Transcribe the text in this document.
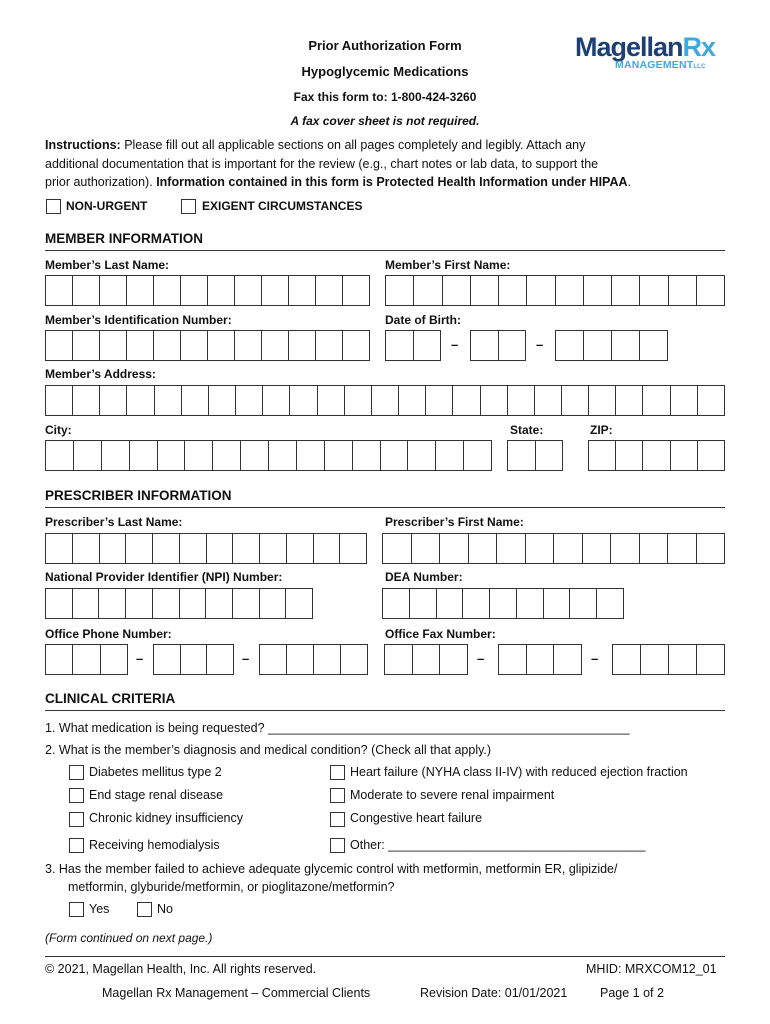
Prior Authorization Form
Hypoglycemic Medications
Fax this form to: 1-800-424-3260
A fax cover sheet is not required.
MagellanRx
MANAGEMENTLLC
Instructions: Please fill out all applicable sections on all pages completely and legibly. Attach any
additional documentation that is important for the review (e.g., chart notes or lab data, to support the
prior authorization). Information contained in this form is Protected Health Information under HIPAA.
NON-URGENT	EXIGENT CIRCUMSTANCES
MEMBER INFORMATION
Member’s Last Name:	Member’s First Name:
Member’s Identification Number:	Date of Birth:
–	–
Member’s Address:
City:	State:	ZIP:
PRESCRIBER INFORMATION
Prescriber’s Last Name:	Prescriber’s First Name:
National Provider Identifier (NPI) Number:	DEA Number:
Office Phone Number:	Office Fax Number:
–	–	–	–
CLINICAL CRITERIA
1. What medication is being requested? ____________________________________________________
2. What is the member’s diagnosis and medical condition? (Check all that apply.)
Diabetes mellitus type 2
End stage renal disease
Chronic kidney insufficiency
Receiving hemodialysis
Heart failure (NYHA class II-IV) with reduced ejection fraction
Moderate to severe renal impairment
Congestive heart failure
Other: _____________________________________
3. Has the member failed to achieve adequate glycemic control with metformin, metformin ER, glipizide/
metformin, glyburide/metformin, or pioglitazone/metformin?
Yes	No
(Form continued on next page.)
© 2021, Magellan Health, Inc. All rights reserved.	MHID: MRXCOM12_01
Magellan Rx Management – Commercial Clients	Revision Date: 01/01/2021	Page 1 of 2
